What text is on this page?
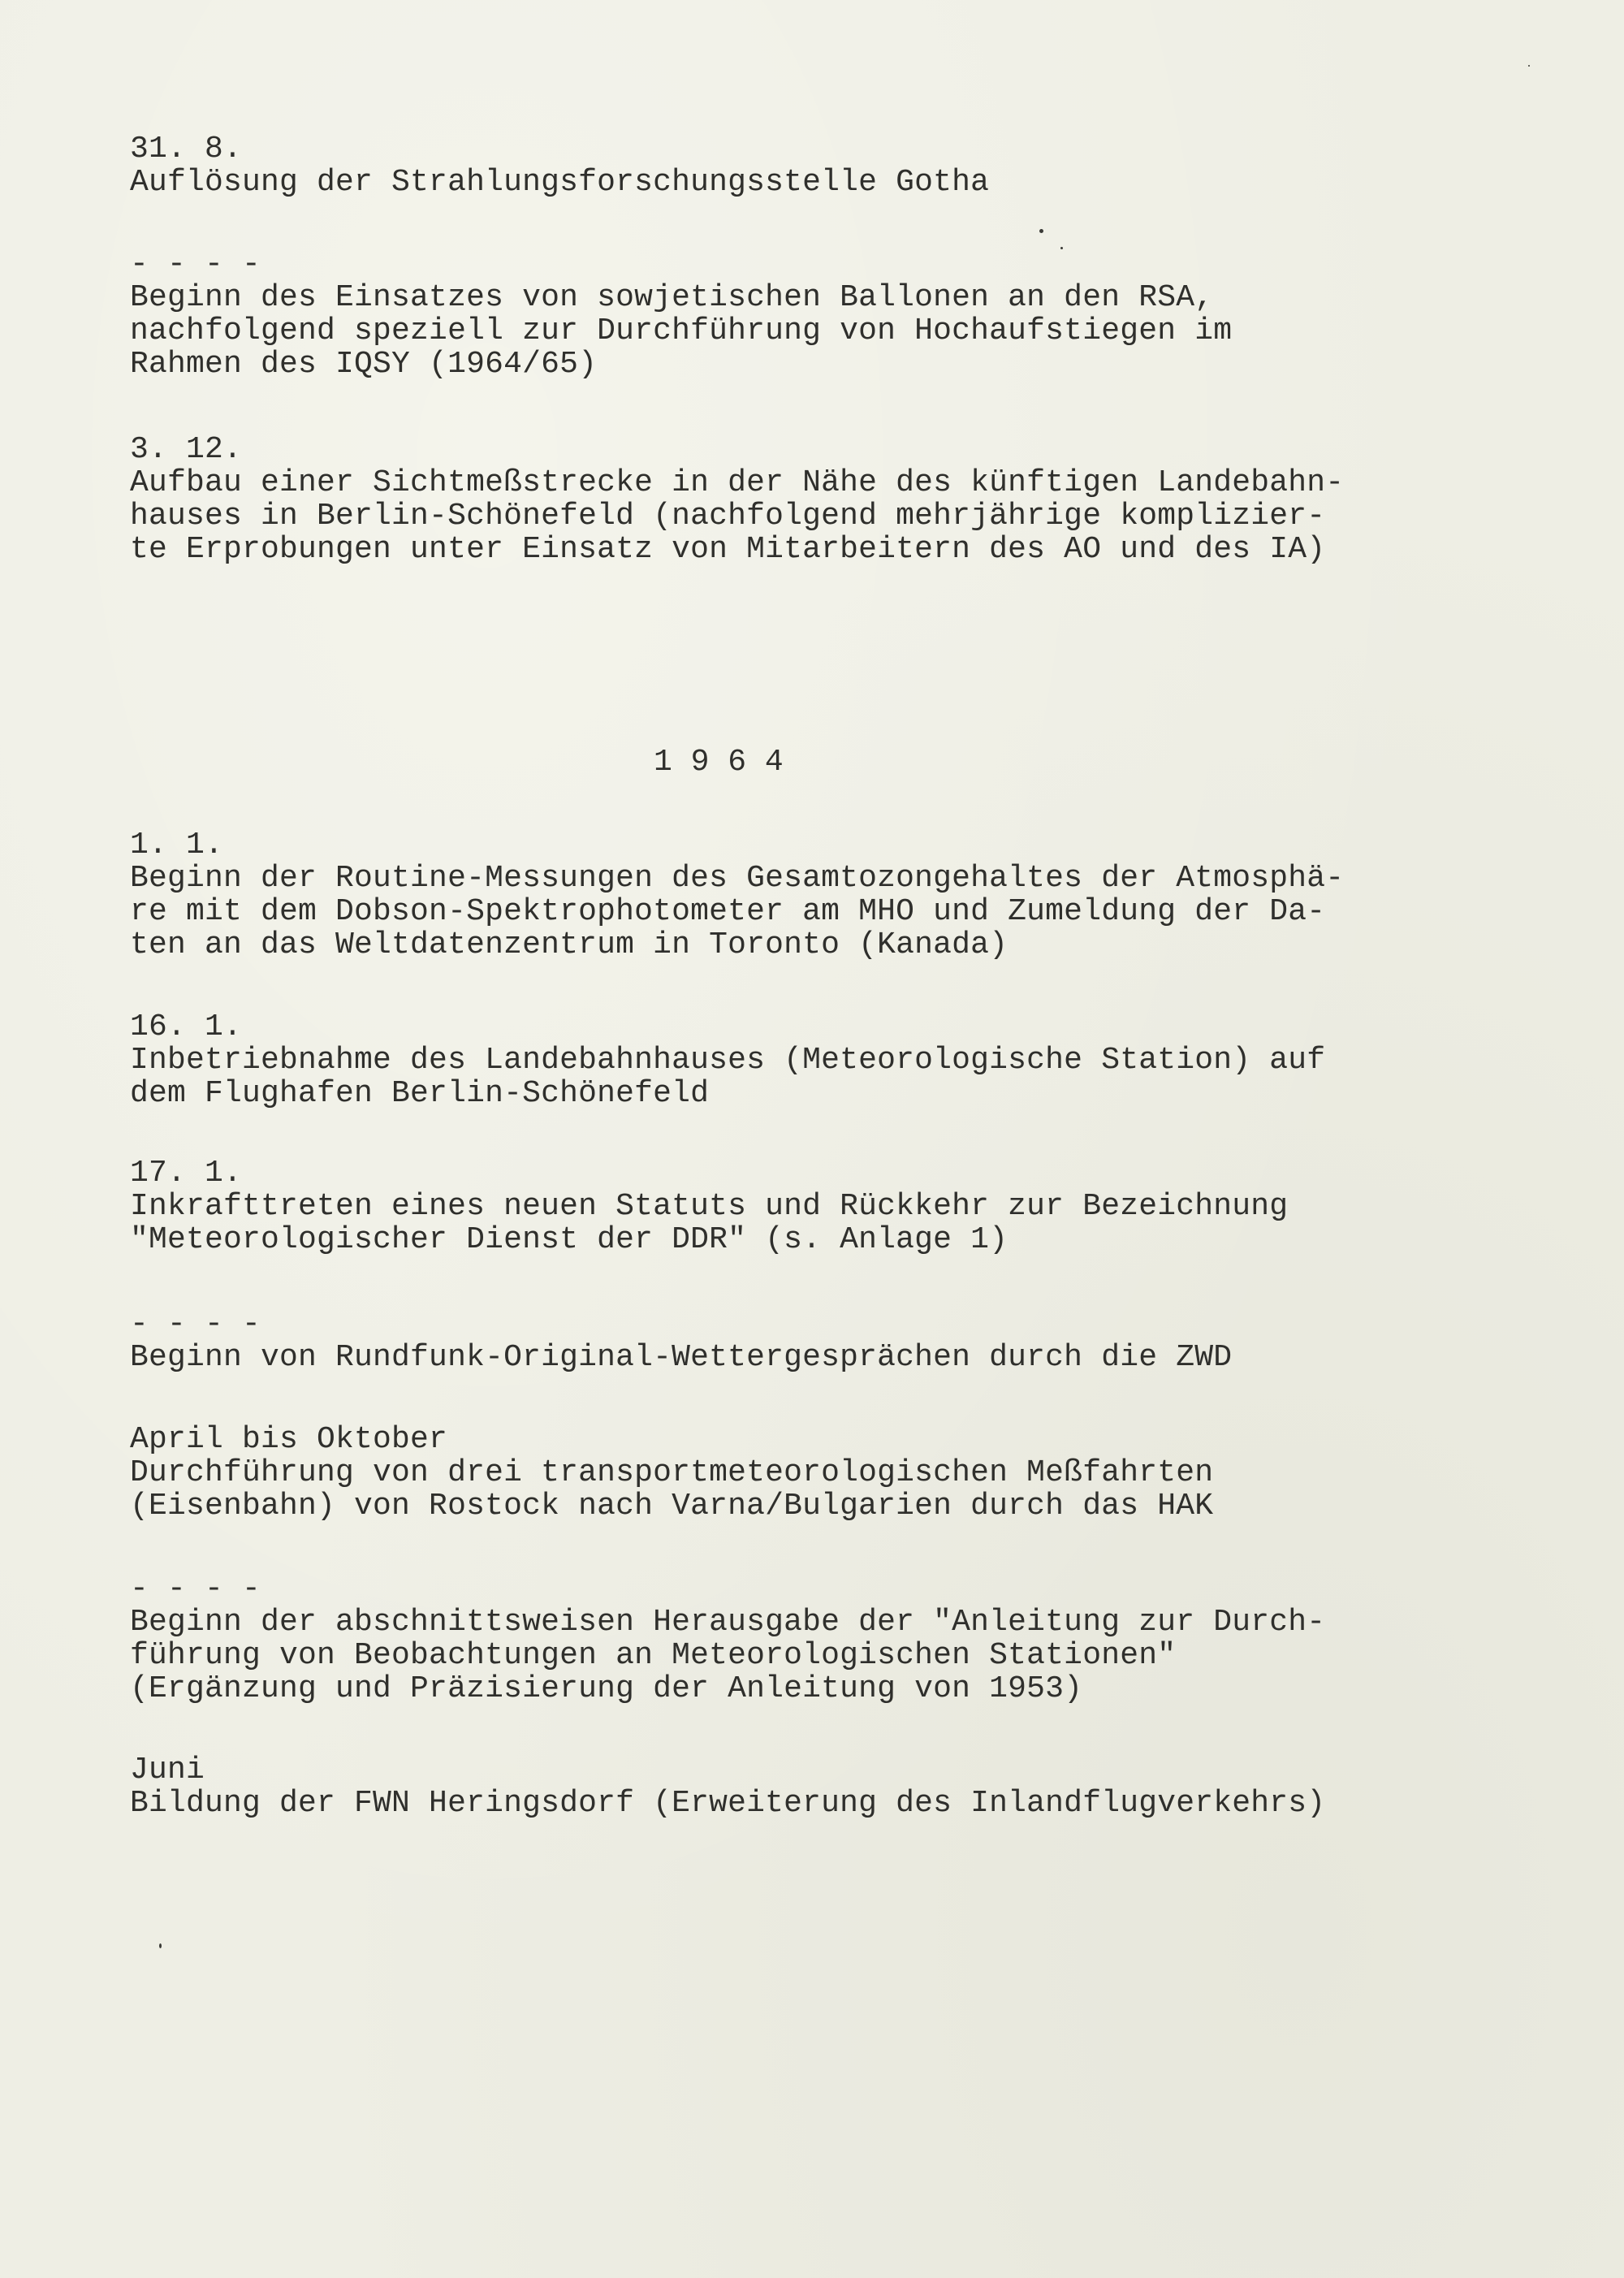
31. 8.
Auflösung der Strahlungsforschungsstelle Gotha
- - - -
Beginn des Einsatzes von sowjetischen Ballonen an den RSA,
nachfolgend speziell zur Durchführung von Hochaufstiegen im
Rahmen des IQSY (1964/65)
3. 12.
Aufbau einer Sichtmeßstrecke in der Nähe des künftigen Landebahn-
hauses in Berlin-Schönefeld (nachfolgend mehrjährige komplizier-
te Erprobungen unter Einsatz von Mitarbeitern des AO und des IA)
1 9 6 4
1. 1.
Beginn der Routine-Messungen des Gesamtozongehaltes der Atmosphä-
re mit dem Dobson-Spektrophotometer am MHO und Zumeldung der Da-
ten an das Weltdatenzentrum in Toronto (Kanada)
16. 1.
Inbetriebnahme des Landebahnhauses (Meteorologische Station) auf
dem Flughafen Berlin-Schönefeld
17. 1.
Inkrafttreten eines neuen Statuts und Rückkehr zur Bezeichnung
"Meteorologischer Dienst der DDR" (s. Anlage 1)
- - - -
Beginn von Rundfunk-Original-Wettergesprächen durch die ZWD
April bis Oktober
Durchführung von drei transportmeteorologischen Meßfahrten
(Eisenbahn) von Rostock nach Varna/Bulgarien durch das HAK
- - - -
Beginn der abschnittsweisen Herausgabe der "Anleitung zur Durch-
führung von Beobachtungen an Meteorologischen Stationen"
(Ergänzung und Präzisierung der Anleitung von 1953)
Juni
Bildung der FWN Heringsdorf (Erweiterung des Inlandflugverkehrs)
